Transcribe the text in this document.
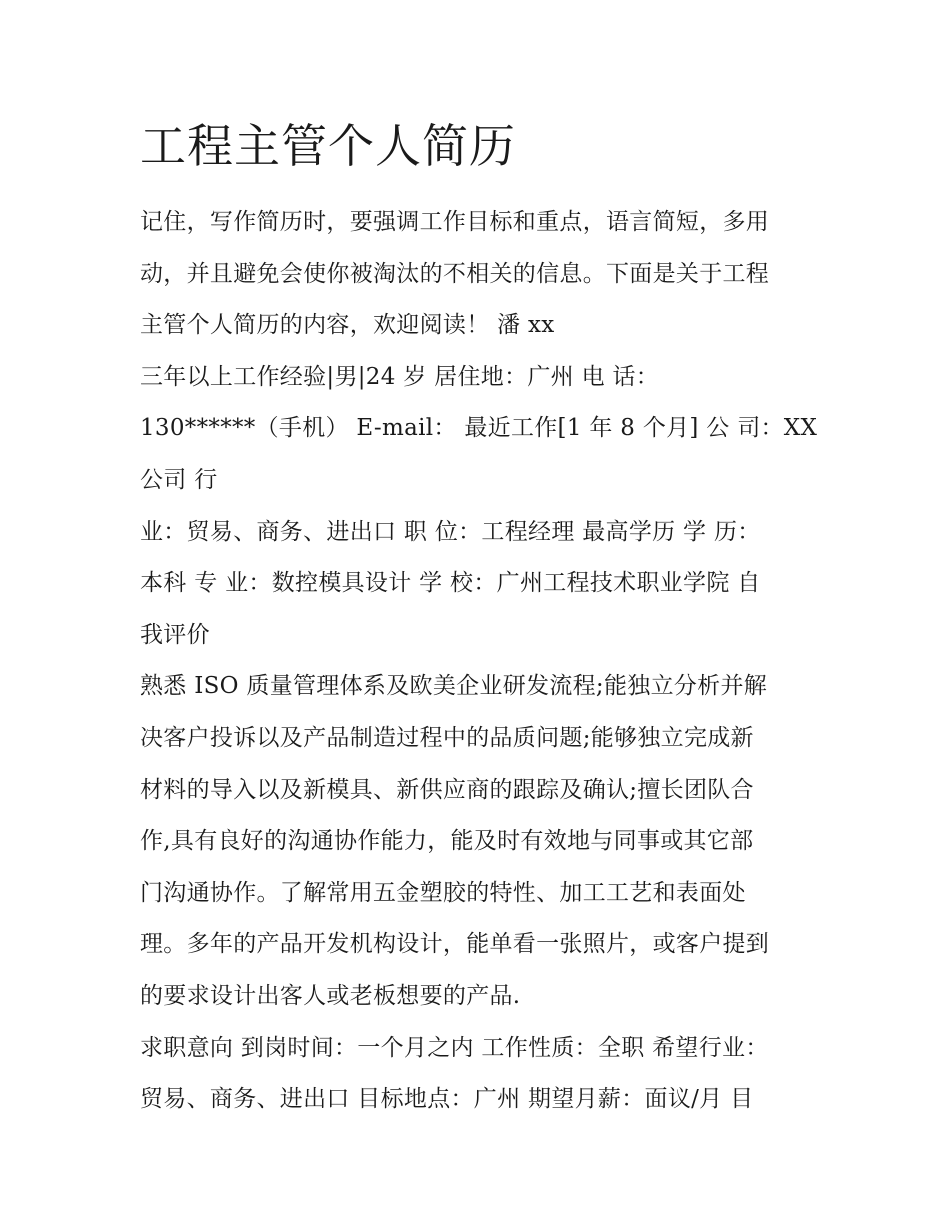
工程主管个人简历
记住，写作简历时，要强调工作目标和重点，语言简短，多用
动，并且避免会使你被淘汰的不相关的信息。下面是关于工程
主管个人简历的内容，欢迎阅读！ 潘 xx
三年以上工作经验|男|24 岁 居住地：广州 电 话：
130******（手机） E-mail： 最近工作[1 年 8 个月] 公 司：XX
公司 行
业：贸易、商务、进出口 职 位：工程经理 最高学历 学 历：
本科 专 业：数控模具设计 学 校：广州工程技术职业学院 自
我评价
熟悉 ISO 质量管理体系及欧美企业研发流程;能独立分析并解
决客户投诉以及产品制造过程中的品质问题;能够独立完成新
材料的导入以及新模具、新供应商的跟踪及确认;擅长团队合
作,具有良好的沟通协作能力，能及时有效地与同事或其它部
门沟通协作。了解常用五金塑胶的特性、加工工艺和表面处
理。多年的产品开发机构设计，能单看一张照片，或客户提到
的要求设计出客人或老板想要的产品.
求职意向 到岗时间：一个月之内 工作性质：全职 希望行业：
贸易、商务、进出口 目标地点：广州 期望月薪：面议/月 目
